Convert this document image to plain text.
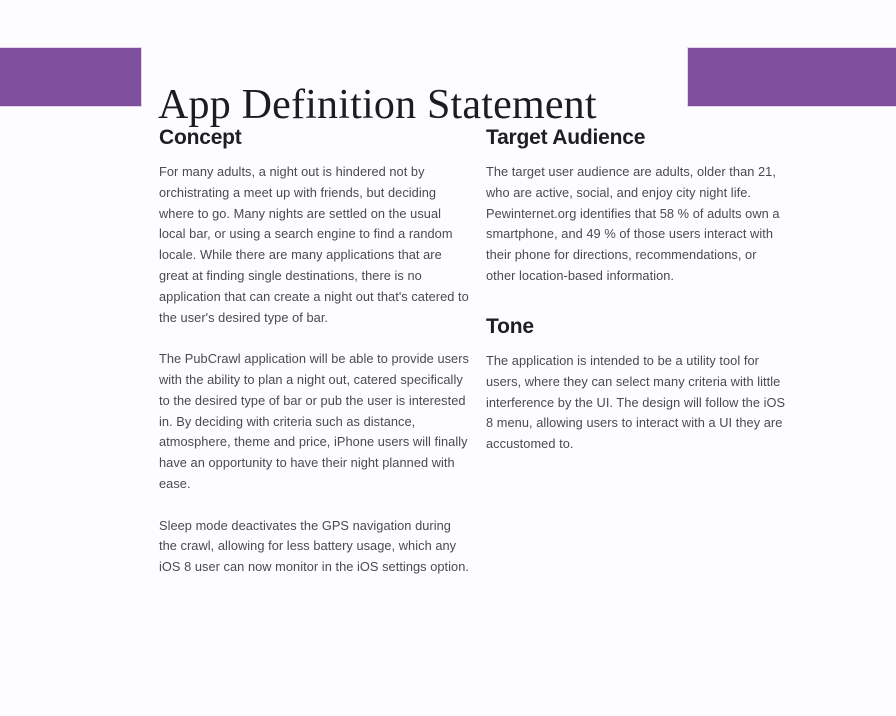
App Definition Statement
Concept

For many adults, a night out is hindered not by orchistrating a meet up with friends, but deciding where to go. Many nights are settled on the usual local bar, or using a search engine to find a random locale. While there are many applications that are great at finding single destinations, there is no application that can create a night out that's catered to the user's desired type of bar.

The PubCrawl application will be able to provide users with the ability to plan a night out, catered specifically to the desired type of bar or pub the user is interested in. By deciding with criteria such as distance, atmosphere, theme and price, iPhone users will finally have an opportunity to have their night planned with ease.

Sleep mode deactivates the GPS navigation during the crawl, allowing for less battery usage, which any iOS 8 user can now monitor in the iOS settings option.

Target Audience

The target user audience are adults, older than 21, who are active, social, and enjoy city night life. Pewinternet.org identifies that 58 % of adults own a smartphone, and 49 % of those users interact with their phone for directions, recommendations, or other location-based information.

Tone

The application is intended to be a utility tool for users, where they can select many criteria with little interference by the UI. The design will follow the iOS 8 menu, allowing users to interact with a UI they are accustomed to.
